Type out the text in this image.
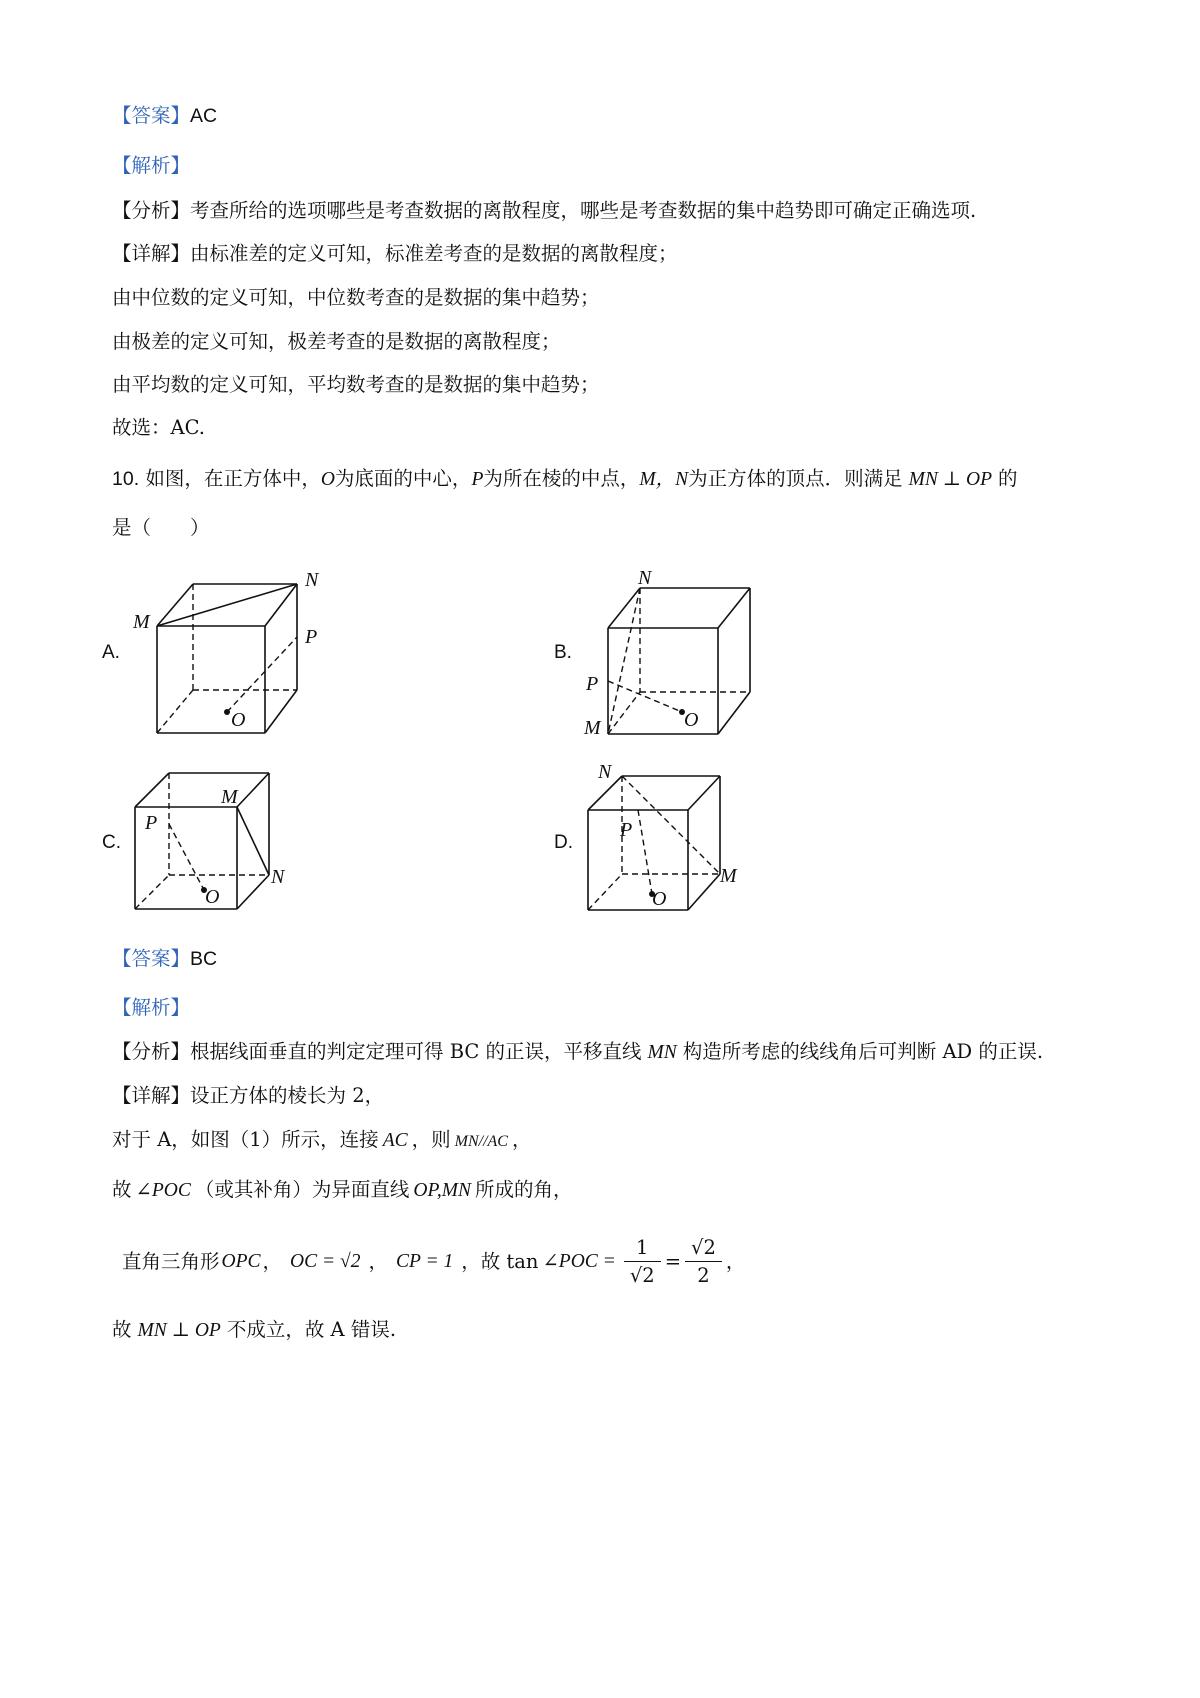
【答案】AC
【解析】
【分析】考查所给的选项哪些是考查数据的离散程度，哪些是考查数据的集中趋势即可确定正确选项.
【详解】由标准差的定义可知，标准差考查的是数据的离散程度；
由中位数的定义可知，中位数考查的是数据的集中趋势；
由极差的定义可知，极差考查的是数据的离散程度；
由平均数的定义可知，平均数考查的是数据的集中趋势；
故选：AC.
10. 如图，在正方体中，O为底面的中心，P为所在棱的中点，M，N为正方体的顶点．则满足 MN ⊥ OP 的
是（　　）
A.
M
N
P
O
B.
N
P
M	O
C.
M
P
N
O
D.
N
P
M
O
【答案】BC
【解析】
【分析】根据线面垂直的判定定理可得 BC 的正误，平移直线 MN 构造所考虑的线线角后可判断 AD 的正误.
【详解】设正方体的棱长为 2，
对于 A，如图（1）所示，连接 AC ，则 MN//AC ，
故 ∠POC （或其补角）为异面直线 OP,MN 所成的角，
直角三角形 OPC ， OC = √2 ， CP = 1 ，故 tan ∠POC = $\frac{1}{√2} = \frac{√2}{2}$ ，
故 MN ⊥ OP 不成立，故 A 错误.
